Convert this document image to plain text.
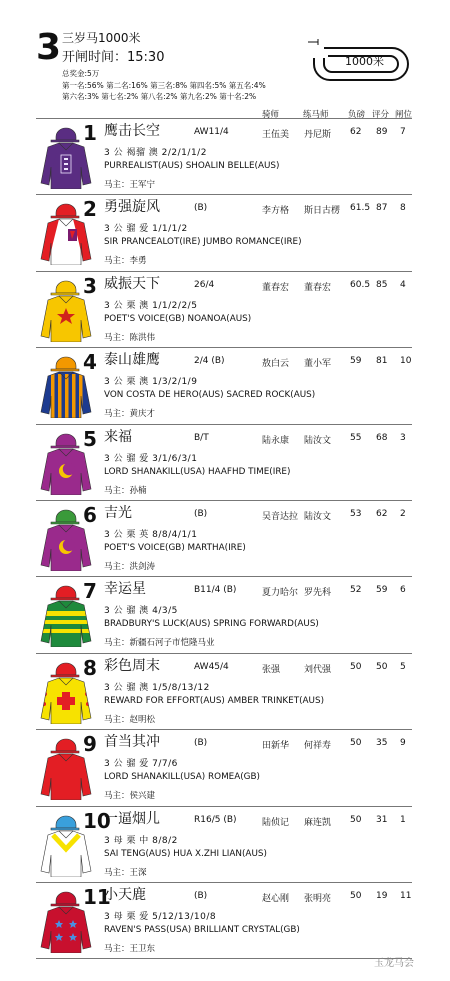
3 三岁马1000米
开闸时间：15:30
总奖金:5万
第一名:56% 第二名:16% 第三名:8% 第四名:5% 第五名:4%
第六名:3% 第七名:2% 第八名:2% 第九名:2% 第十名:2%
1000米
骑师	练马师 负磅 评分 闸位
1 鹰击长空	AW11/4	王伍美 丹尼斯 62 89 7
3 公 褐骝 澳 2/2/1/1/2
PURREALIST(AUS) SHOALIN BELLE(AUS)
马主：王军宁
2 勇强旋风	(B)	李方格 斯日古楞 61.5 87 8
3 公 骝 爱 1/1/1/2
SIR PRANCEALOT(IRE) JUMBO ROMANCE(IRE)
马主：李勇
3 威振天下	26/4	董春宏 董春宏 60.5 85 4
3 公 栗 澳 1/1/2/2/5
POET'S VOICE(GB) NOANOA(AUS)
马主：陈洪伟
4 泰山雄鹰	2/4 (B)	敖白云 董小军 59 81 10
3 公 栗 澳 1/3/2/1/9
VON COSTA DE HERO(AUS) SACRED ROCK(AUS)
马主：黄庆才
5 来福	B/T	陆永康 陆汝文 55 68 3
3 公 骝 爱 3/1/6/3/1
LORD SHANAKILL(USA) HAAFHD TIME(IRE)
马主：孙楠
6 吉光	(B)	吴音达拉 陆汝文 53 62 2
3 公 栗 英 8/8/4/1/1
POET'S VOICE(GB) MARTHA(IRE)
马主：洪剑涛
7 幸运星	B11/4 (B)	夏力哈尔 罗先科 52 59 6
3 公 骝 澳 4/3/5
BRADBURY'S LUCK(AUS) SPRING FORWARD(AUS)
马主：新疆石河子市恺隆马业
8 彩色周末	AW45/4	张强	刘代强 50 50 5
3 公 骝 澳 1/5/8/13/12
REWARD FOR EFFORT(AUS) AMBER TRINKET(AUS)
马主：赵明松
9 首当其冲	(B)	田新华 何祥寿 50 35 9
3 公 骝 爱 7/7/6
LORD SHANAKILL(USA) ROMEA(GB)
马主：侯兴建
10
一逼烟儿	R16/5 (B)	陆侦记 麻连凯 50 31 1
3 母 栗 中 8/8/2
SAI TENG(AUS) HUA X.ZHI LIAN(AUS)
马主：王深
11
小天鹿	(B)	赵心刚 张明亮 50 19 11
3 母 栗 爱 5/12/13/10/8
RAVEN'S PASS(USA) BRILLIANT CRYSTAL(GB)
马主：王卫东
玉龙马会
